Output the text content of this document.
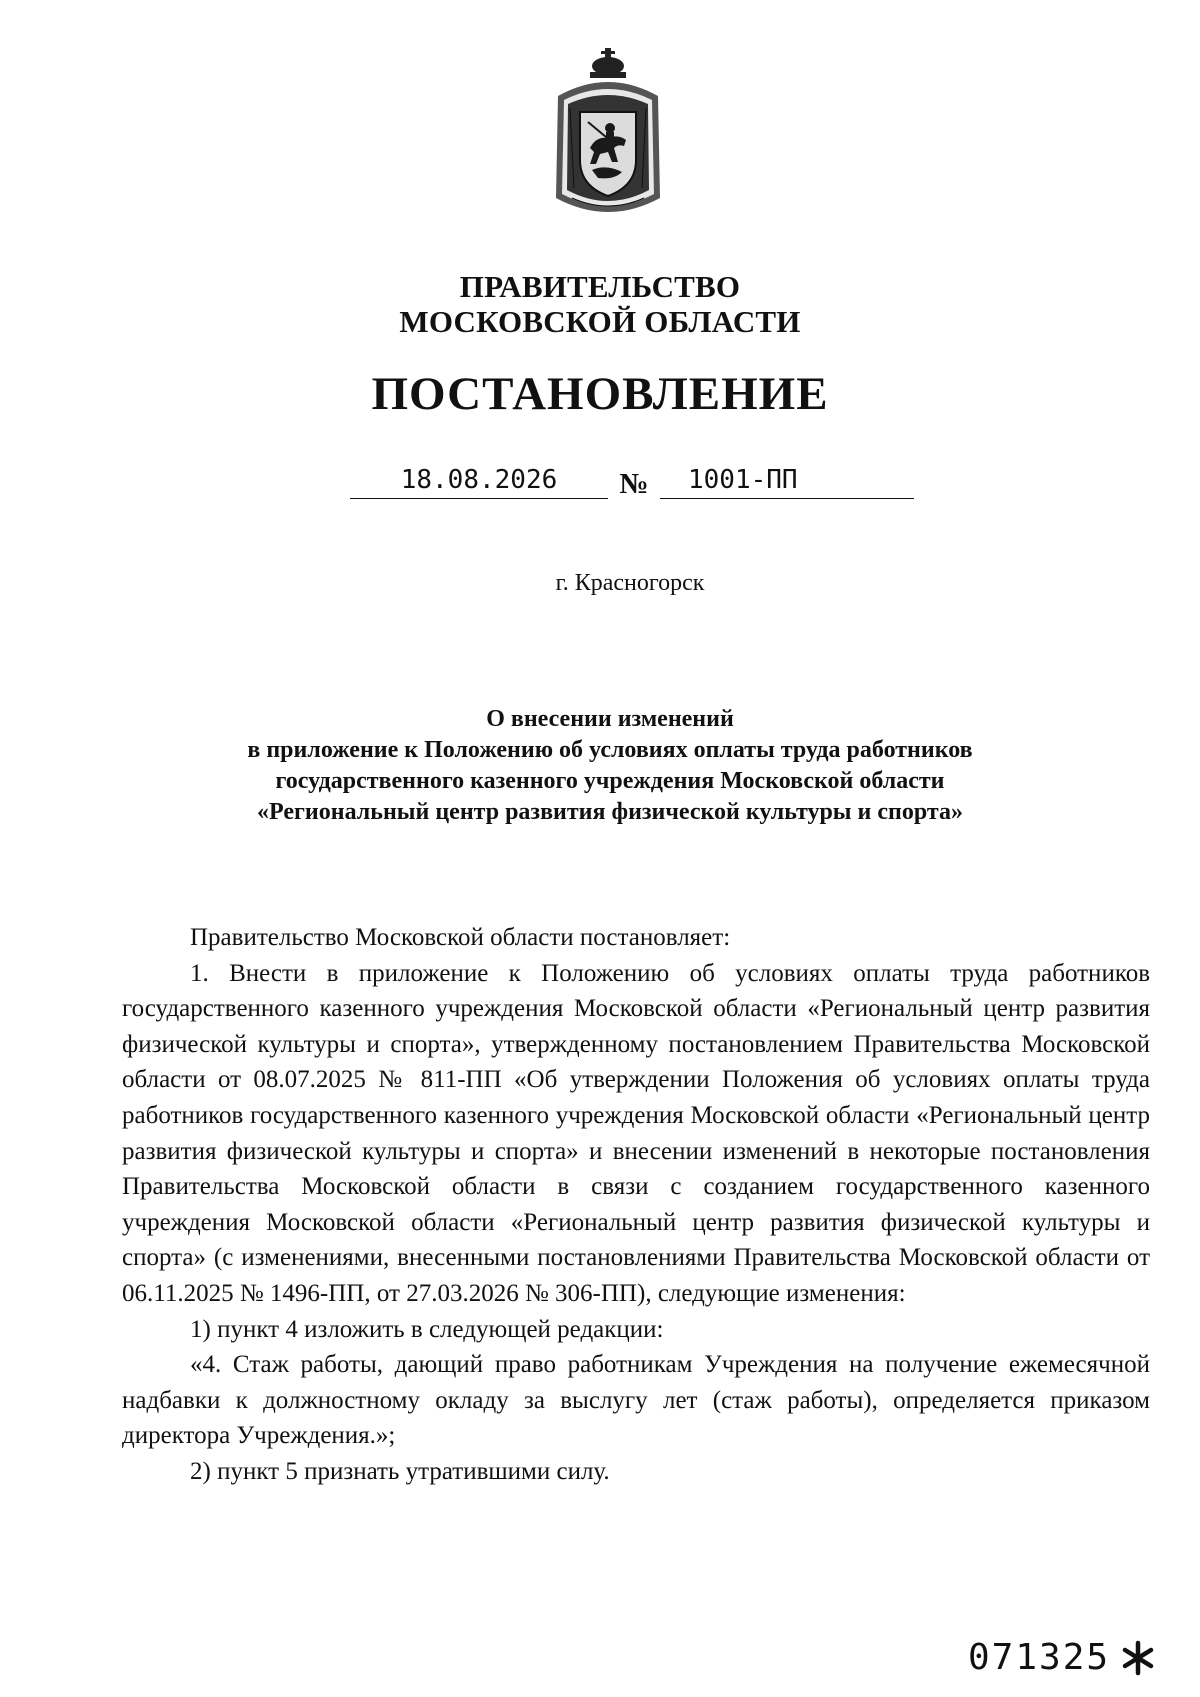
ПРАВИТЕЛЬСТВО
МОСКОВСКОЙ ОБЛАСТИ
ПОСТАНОВЛЕНИЕ
18.08.2026	№	1001-ПП
г. Красногорск
О внесении изменений
в приложение к Положению об условиях оплаты труда работников
государственного казенного учреждения Московской области
«Региональный центр развития физической культуры и спорта»

Правительство Московской области постановляет:

1. Внести в приложение к Положению об условиях оплаты труда работников государственного казенного учреждения Московской области «Региональный центр развития физической культуры и спорта», утвержденному постановлением Правительства Московской области от 08.07.2025 № 811-ПП «Об утверждении Положения об условиях оплаты труда работников государственного казенного учреждения Московской области «Региональный центр развития физической культуры и спорта» и внесении изменений в некоторые постановления Правительства Московской области в связи с созданием государственного казенного учреждения Московской области «Региональный центр развития физической культуры и спорта» (с изменениями, внесенными постановлениями Правительства Московской области от 06.11.2025 № 1496-ПП, от 27.03.2026 № 306-ПП), следующие изменения:

1) пункт 4 изложить в следующей редакции:

«4. Стаж работы, дающий право работникам Учреждения на получение ежемесячной надбавки к должностному окладу за выслугу лет (стаж работы), определяется приказом директора Учреждения.»;

2) пункт 5 признать утратившими силу.

071325
